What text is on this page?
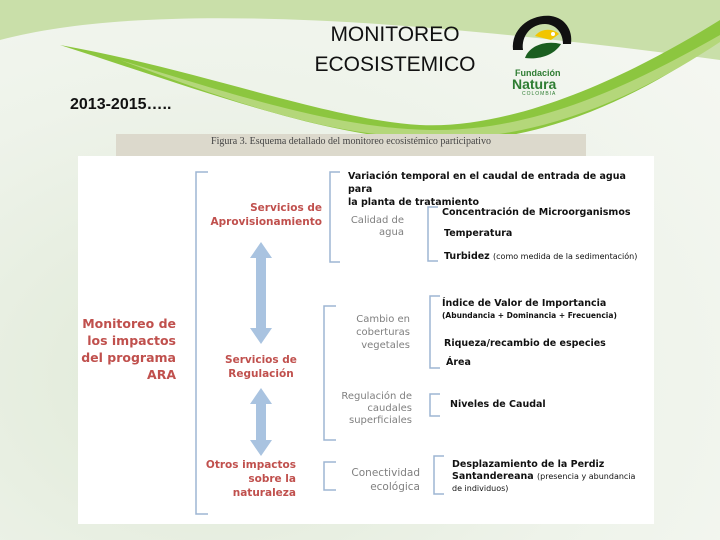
MONITOREO
ECOSISTEMICO
2013-2015…..
Fundación
Natura
COLOMBIA
Figura 3. Esquema detallado del monitoreo ecosistémico participativo
Monitoreo de
los impactos
del programa
ARA
Servicios de
Aprovisionamiento
Servicios de
Regulación
Otros impactos
sobre la
naturaleza
Calidad de
agua
Cambio en
coberturas
vegetales
Regulación de
caudales
superficiales
Conectividad
ecológica
Variación temporal en el caudal de entrada de agua para
la planta de tratamiento
Concentración de Microorganismos
Temperatura
Turbidez (como medida de la sedimentación)
Índice de Valor de Importancia
(Abundancia + Dominancia + Frecuencia)
Riqueza/recambio de especies
Área
Niveles de Caudal
Desplazamiento de la Perdiz
Santandereana (presencia y abundancia
de individuos)
